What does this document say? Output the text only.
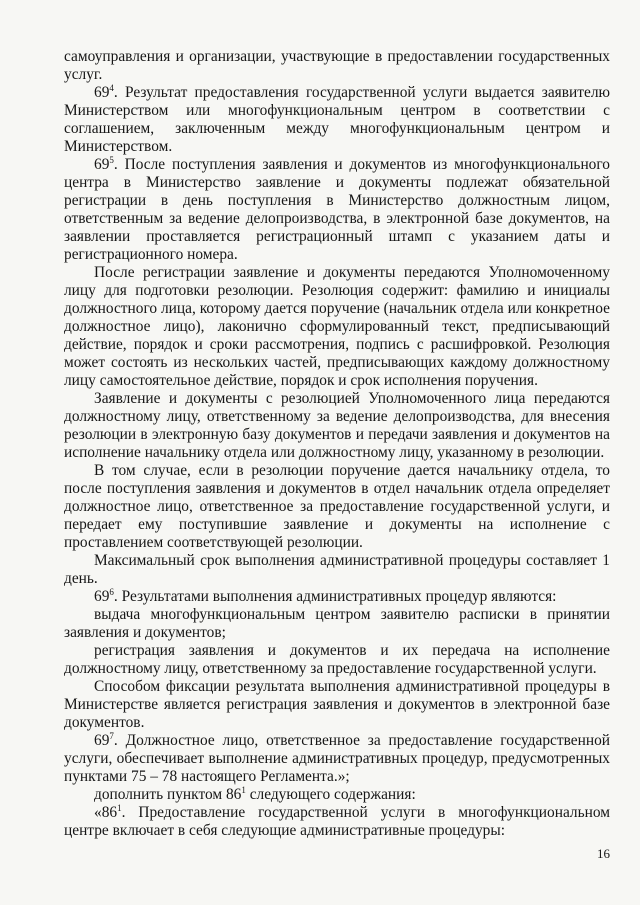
самоуправления и организации, участвующие в предоставлении государственных услуг.

$69^4$. Результат предоставления государственной услуги выдается заявителю Министерством или многофункциональным центром в соответствии с соглашением, заключенным между многофункциональным центром и Министерством.

$69^5$. После поступления заявления и документов из многофункционального центра в Министерство заявление и документы подлежат обязательной регистрации в день поступления в Министерство должностным лицом, ответственным за ведение делопроизводства, в электронной базе документов, на заявлении проставляется регистрационный штамп с указанием даты и регистрационного номера.

После регистрации заявление и документы передаются Уполномоченному лицу для подготовки резолюции. Резолюция содержит: фамилию и инициалы должностного лица, которому дается поручение (начальник отдела или конкретное должностное лицо), лаконично сформулированный текст, предписывающий действие, порядок и сроки рассмотрения, подпись с расшифровкой. Резолюция может состоять из нескольких частей, предписывающих каждому должностному лицу самостоятельное действие, порядок и срок исполнения поручения.

Заявление и документы с резолюцией Уполномоченного лица передаются должностному лицу, ответственному за ведение делопроизводства, для внесения резолюции в электронную базу документов и передачи заявления и документов на исполнение начальнику отдела или должностному лицу, указанному в резолюции.

В том случае, если в резолюции поручение дается начальнику отдела, то после поступления заявления и документов в отдел начальник отдела определяет должностное лицо, ответственное за предоставление государственной услуги, и передает ему поступившие заявление и документы на исполнение с проставлением соответствующей резолюции.

Максимальный срок выполнения административной процедуры составляет 1 день.

$69^6$. Результатами выполнения административных процедур являются:

выдача многофункциональным центром заявителю расписки в принятии заявления и документов;

регистрация заявления и документов и их передача на исполнение должностному лицу, ответственному за предоставление государственной услуги.

Способом фиксации результата выполнения административной процедуры в Министерстве является регистрация заявления и документов в электронной базе документов.

$69^7$. Должностное лицо, ответственное за предоставление государственной услуги, обеспечивает выполнение административных процедур, предусмотренных пунктами 75 – 78 настоящего Регламента.»;

дополнить пунктом $86^1$ следующего содержания:

«$86^1$. Предоставление государственной услуги в многофункциональном центре включает в себя следующие административные процедуры:

16
